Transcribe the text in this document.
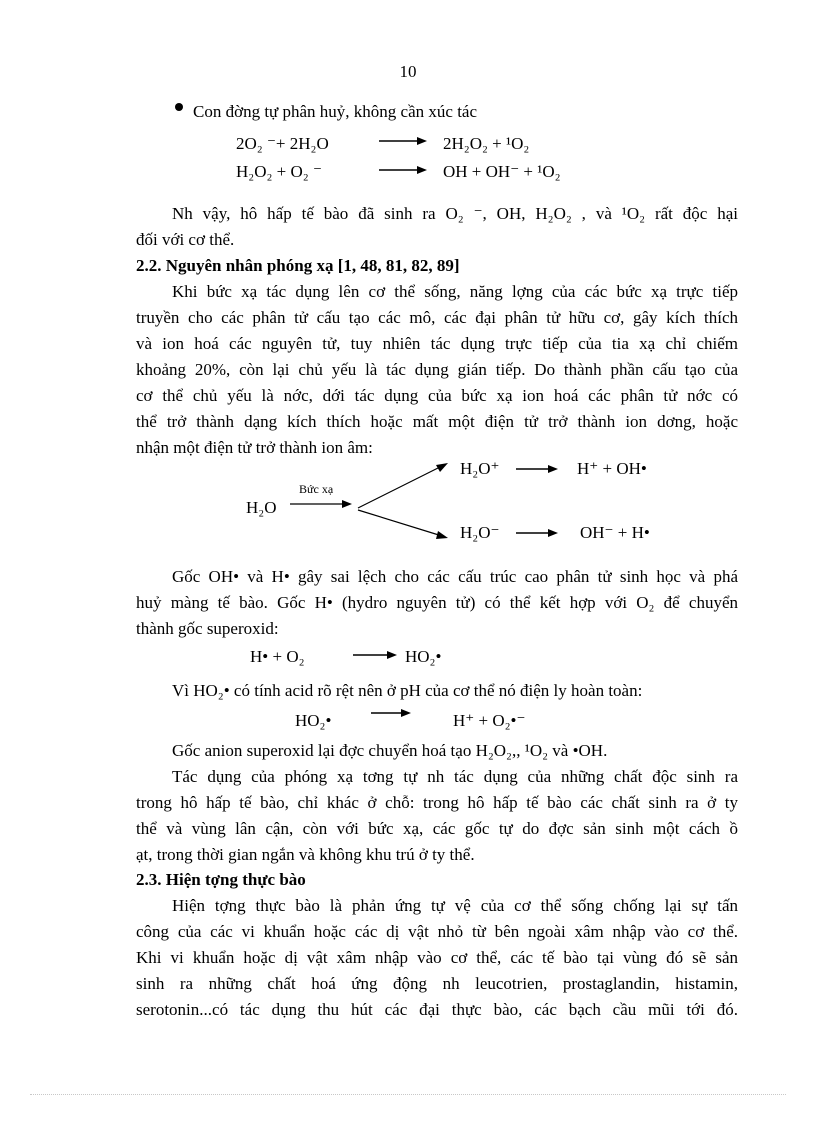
10
Con đờng tự phân huỷ, không cần xúc tác
2O₂ ⁻+ 2H₂O	2H₂O₂ + ¹O₂
H₂O₂ + O₂ ⁻	OH + OH⁻ + ¹O₂
Nh vậy, hô hấp tế bào đã sinh ra O₂ ⁻, OH, H₂O₂ , và ¹O₂ rất độc hại
đối với cơ thể.
2.2. Nguyên nhân phóng xạ [1, 48, 81, 82, 89]
Khi bức xạ tác dụng lên cơ thể sống, năng lợng của các bức xạ trực tiếp
truyền cho các phân tử cấu tạo các mô, các đại phân tử hữu cơ, gây kích thích
và ion hoá các nguyên tử, tuy nhiên tác dụng trực tiếp của tia xạ chỉ chiếm
khoảng 20%, còn lại chủ yếu là tác dụng gián tiếp. Do thành phần cấu tạo của
cơ thể chủ yếu là nớc, dới tác dụng của bức xạ ion hoá các phân tử nớc có
thể trở thành dạng kích thích hoặc mất một điện tử trở thành ion dơng, hoặc
nhận một điện tử trở thành ion âm:
H₂O
Bức xạ
H₂O⁺	H⁺ + OH•
H₂O⁻	OH⁻ + H•
Gốc OH• và H• gây sai lệch cho các cấu trúc cao phân tử sinh học và phá
huỷ màng tế bào. Gốc H• (hydro nguyên tử) có thể kết hợp với O₂ để chuyển
thành gốc superoxid:
H• + O₂	HO₂•
Vì HO₂• có tính acid rõ rệt nên ở pH của cơ thể nó điện ly hoàn toàn:
HO₂•	H⁺ + O₂•⁻
Gốc anion superoxid lại đợc chuyển hoá tạo H₂O₂,, ¹O₂ và •OH.
Tác dụng của phóng xạ tơng tự nh tác dụng của những chất độc sinh ra
trong hô hấp tế bào, chỉ khác ở chỗ: trong hô hấp tế bào các chất sinh ra ở ty
thể và vùng lân cận, còn với bức xạ, các gốc tự do đợc sản sinh một cách ồ
ạt, trong thời gian ngắn và không khu trú ở ty thể.
2.3. Hiện tợng thực bào
Hiện tợng thực bào là phản ứng tự vệ của cơ thể sống chống lại sự tấn
công của các vi khuẩn hoặc các dị vật nhỏ từ bên ngoài xâm nhập vào cơ thể.
Khi vi khuẩn hoặc dị vật xâm nhập vào cơ thể, các tế bào tại vùng đó sẽ sản
sinh ra những chất hoá ứng động nh leucotrien, prostaglandin, histamin,
serotonin...có tác dụng thu hút các đại thực bào, các bạch cầu mũi tới đó.
